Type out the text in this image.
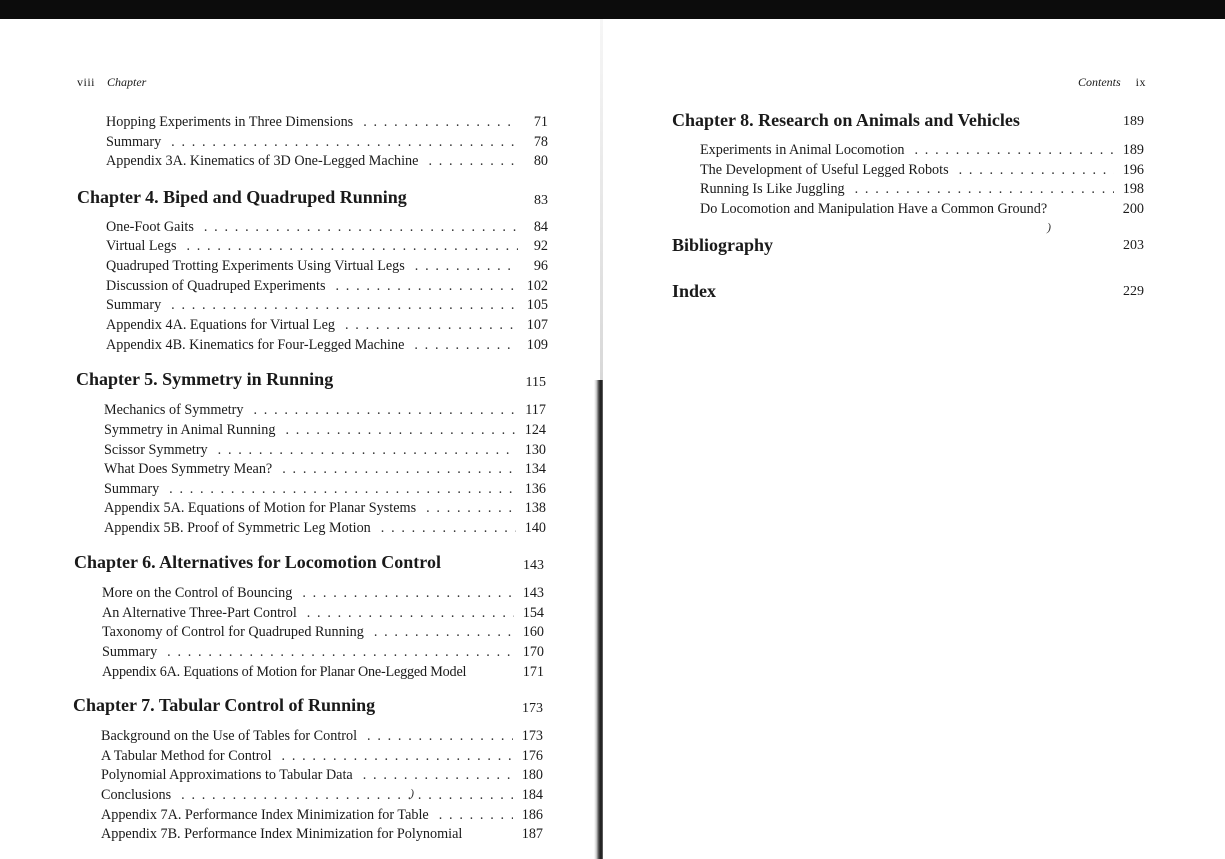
viii Chapter
Hopping Experiments in Three Dimensions . . .	71
Summary . . .	78
Appendix 3A. Kinematics of 3D One-Legged Machine . . .	80
Chapter 4. Biped and Quadruped Running	83
One-Foot Gaits . . .	84
Virtual Legs . . .	92
Quadruped Trotting Experiments Using Virtual Legs . . .	96
Discussion of Quadruped Experiments . . .	102
Summary . . .	105
Appendix 4A. Equations for Virtual Leg . . .	107
Appendix 4B. Kinematics for Four-Legged Machine . . .	109
Chapter 5. Symmetry in Running	115
Mechanics of Symmetry . . .	117
Symmetry in Animal Running . . .	124
Scissor Symmetry . . .	130
What Does Symmetry Mean? . . .	134
Summary . . .	136
Appendix 5A. Equations of Motion for Planar Systems . . .	138
Appendix 5B. Proof of Symmetric Leg Motion . . .	140
Chapter 6. Alternatives for Locomotion Control	143
More on the Control of Bouncing . . .	143
An Alternative Three-Part Control . . .	154
Taxonomy of Control for Quadruped Running . . .	160
Summary . . .	170
Appendix 6A. Equations of Motion for Planar One-Legged Model	171
Chapter 7. Tabular Control of Running	173
Background on the Use of Tables for Control . . .	173
A Tabular Method for Control . . .	176
Polynomial Approximations to Tabular Data . . .	180
Conclusions . . .	184
Appendix 7A. Performance Index Minimization for Table . . .	186
Appendix 7B. Performance Index Minimization for Polynomial	187
)
Contents ix
Chapter 8. Research on Animals and Vehicles	189
Experiments in Animal Locomotion . . .	189
The Development of Useful Legged Robots . . .	196
Running Is Like Juggling . . .	198
Do Locomotion and Manipulation Have a Common Ground?	200
)
Bibliography	203
Index	229
